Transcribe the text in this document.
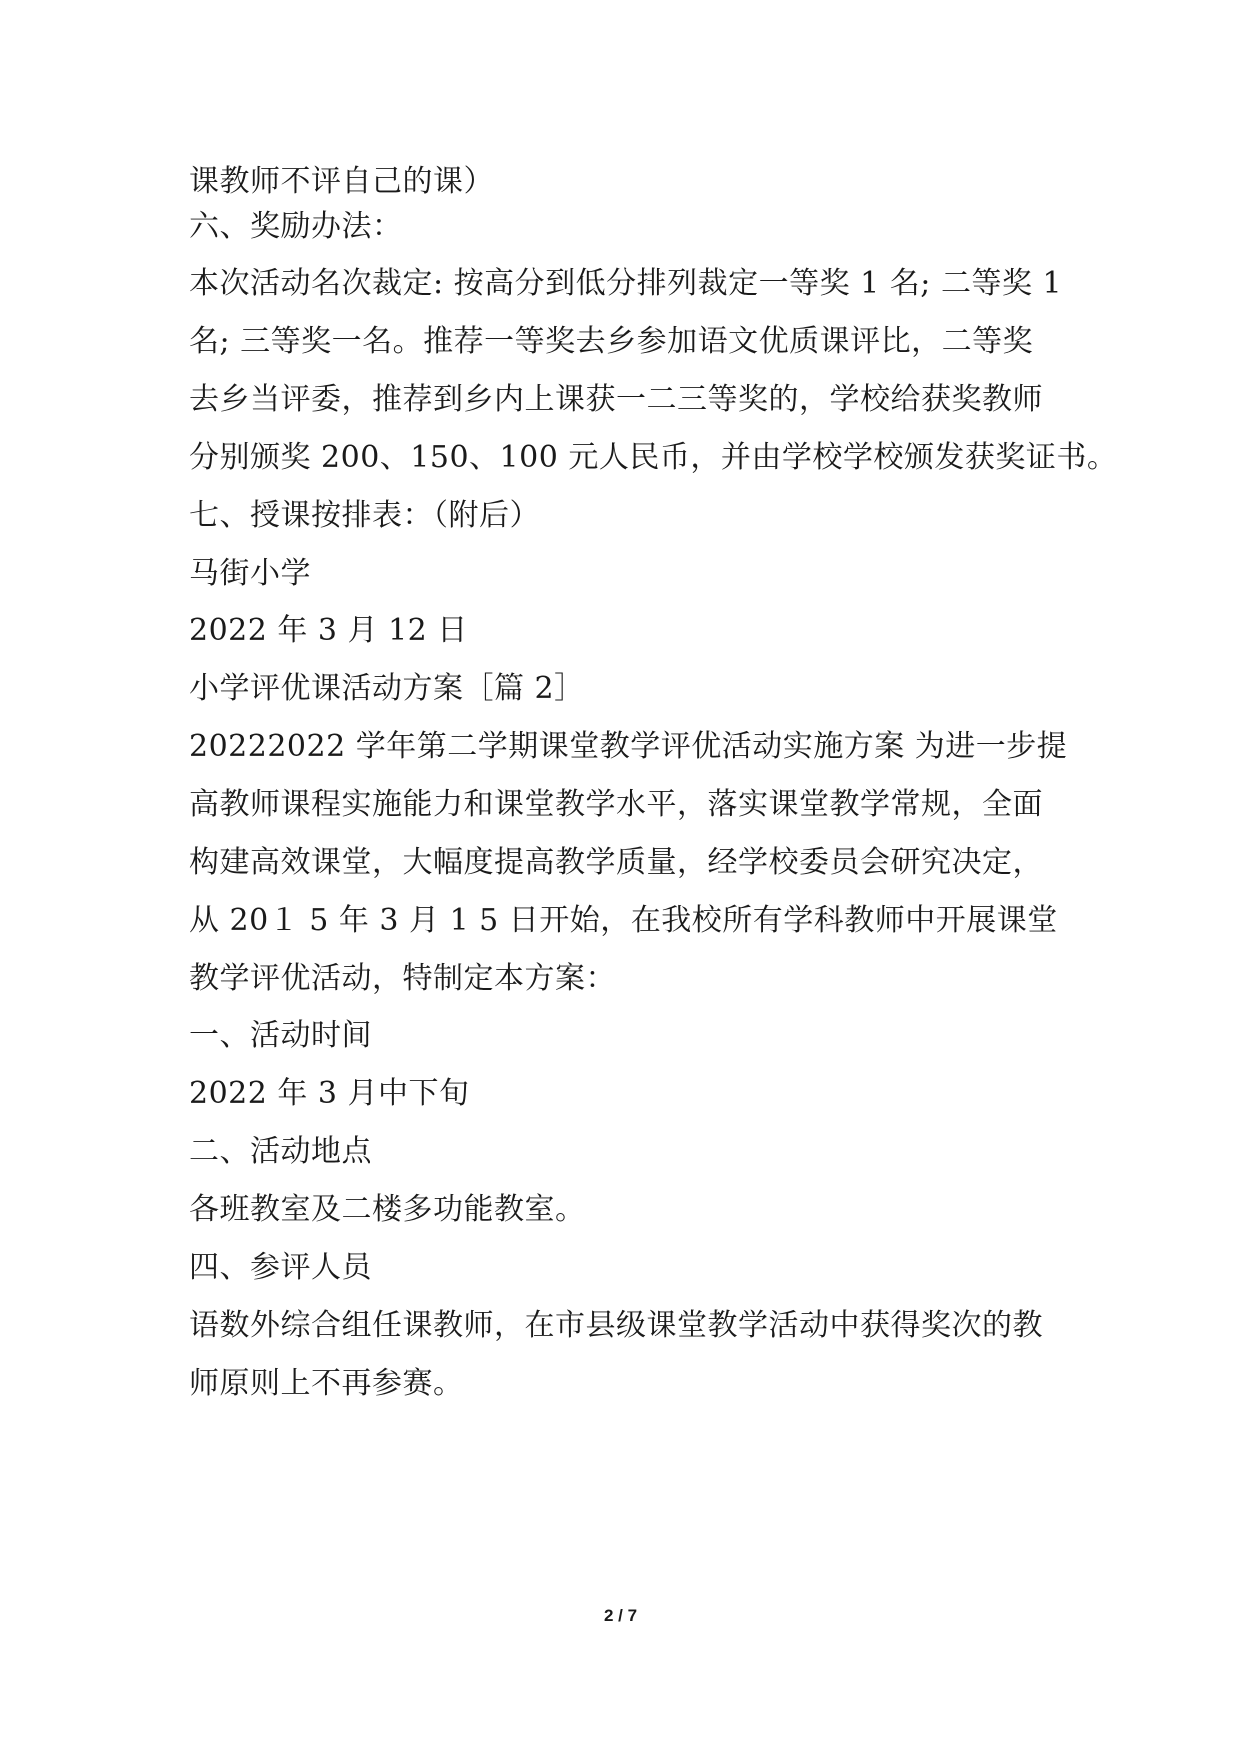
课教师不评自己的课）
六、奖励办法：
本次活动名次裁定: 按高分到低分排列裁定一等奖 1 名; 二等奖 1
名; 三等奖一名。推荐一等奖去乡参加语文优质课评比，二等奖
去乡当评委，推荐到乡内上课获一二三等奖的，学校给获奖教师
分别颁奖 200、150、100 元人民币，并由学校学校颁发获奖证书。
七、授课按排表：（附后）
马街小学
2022 年 3 月 12 日
小学评优课活动方案［篇 2］
20222022 学年第二学期课堂教学评优活动实施方案 为进一步提
高教师课程实施能力和课堂教学水平，落实课堂教学常规，全面
构建高效课堂，大幅度提高教学质量，经学校委员会研究决定，
从 20１ 5 年 3 月 1 5 日开始，在我校所有学科教师中开展课堂
教学评优活动，特制定本方案：
一、活动时间
2022 年 3 月中下旬
二、活动地点
各班教室及二楼多功能教室。
四、参评人员
语数外综合组任课教师，在市县级课堂教学活动中获得奖次的教
师原则上不再参赛。
2 / 7
